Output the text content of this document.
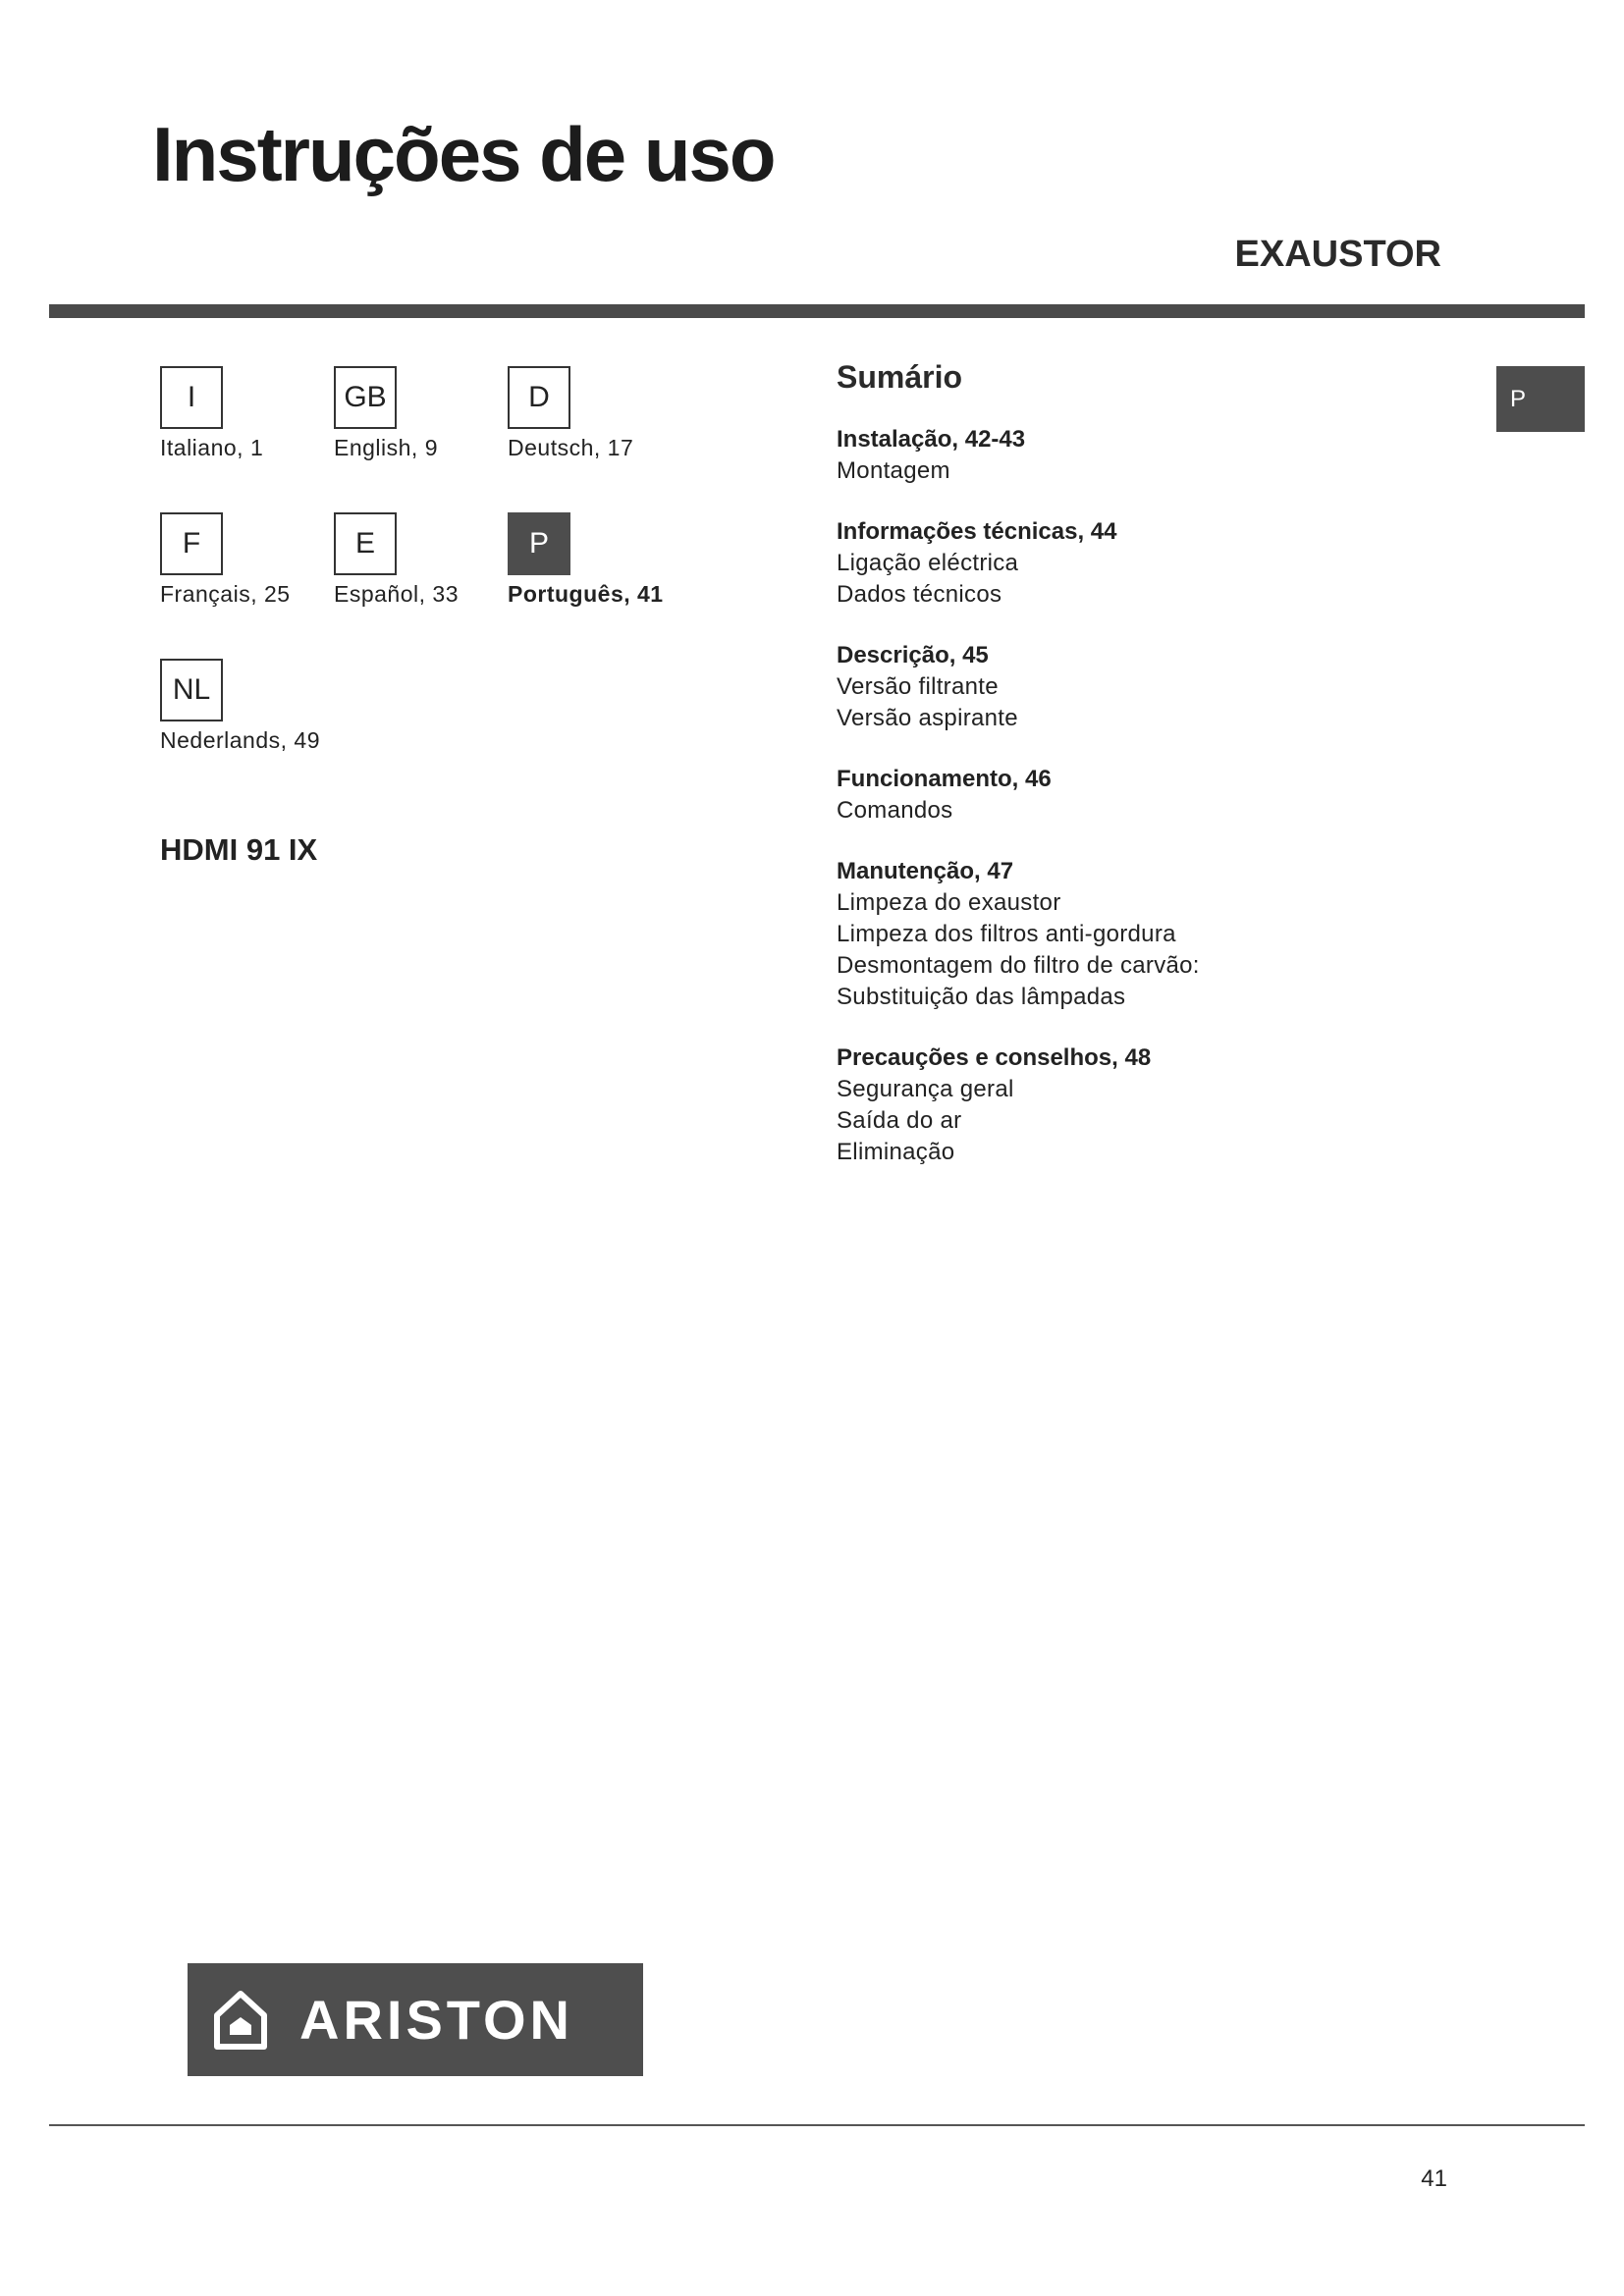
Instruções de uso
EXAUSTOR
I
Italiano, 1
GB
English, 9
D
Deutsch, 17
F
Français, 25
E
Español, 33
P
Português, 41
NL
Nederlands, 49
HDMI 91 IX
Sumário
Instalação, 42-43
Montagem
Informações técnicas, 44
Ligação eléctrica
Dados técnicos
Descrição, 45
Versão filtrante
Versão aspirante
Funcionamento, 46
Comandos
Manutenção, 47
Limpeza do exaustor
Limpeza dos filtros anti-gordura
Desmontagem do filtro de carvão:
Substituição das lâmpadas
Precauções e conselhos, 48
Segurança geral
Saída do ar
Eliminação
P
ARISTON
41
